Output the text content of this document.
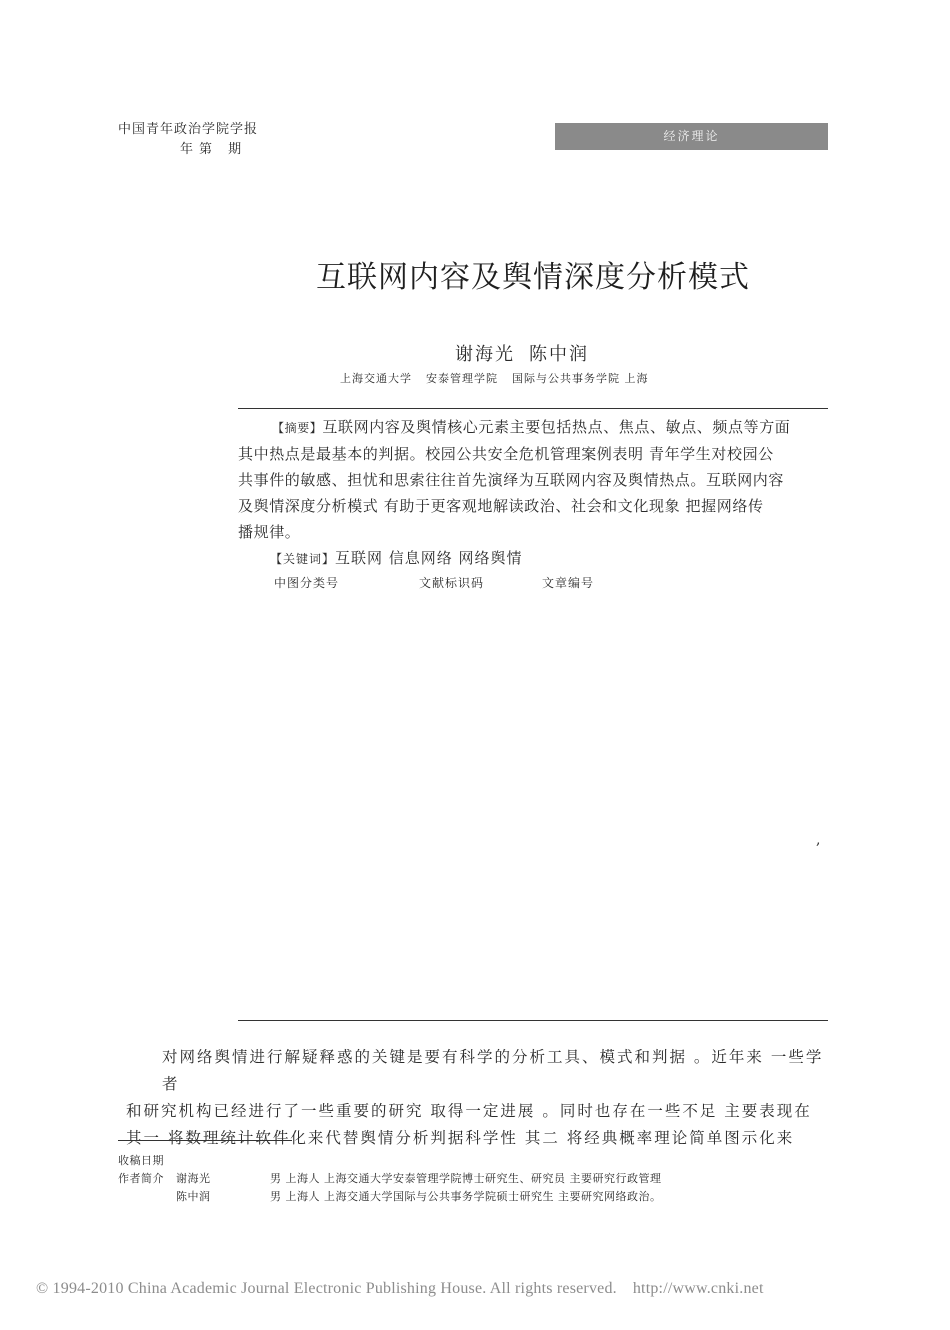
中国青年政治学院学报
年第 期
经济理论
互联网内容及舆情深度分析模式
谢海光 陈中润
上海交通大学 安泰管理学院 国际与公共事务学院 上海
【摘要】互联网内容及舆情核心元素主要包括热点、焦点、敏点、频点等方面
其中热点是最基本的判据。校园公共安全危机管理案例表明 青年学生对校园公
共事件的敏感、担忧和思索往往首先演绎为互联网内容及舆情热点。互联网内容
及舆情深度分析模式 有助于更客观地解读政治、社会和文化现象 把握网络传
播规律。
【关键词】互联网 信息网络 网络舆情
中图分类号	文献标识码	文章编号
,
对网络舆情进行解疑释惑的关键是要有科学的分析工具、模式和判据 。近年来 一些学者
和研究机构已经进行了一些重要的研究 取得一定进展 。同时也存在一些不足 主要表现在
其一 将数理统计软件化来代替舆情分析判据科学性 其二 将经典概率理论简单图示化来
收稿日期
作者简介 谢海光	男 上海人 上海交通大学安泰管理学院博士研究生、研究员 主要研究行政管理
陈中润	男 上海人 上海交通大学国际与公共事务学院硕士研究生 主要研究网络政治。
© 1994-2010 China Academic Journal Electronic Publishing House. All rights reserved. http://www.cnki.net
